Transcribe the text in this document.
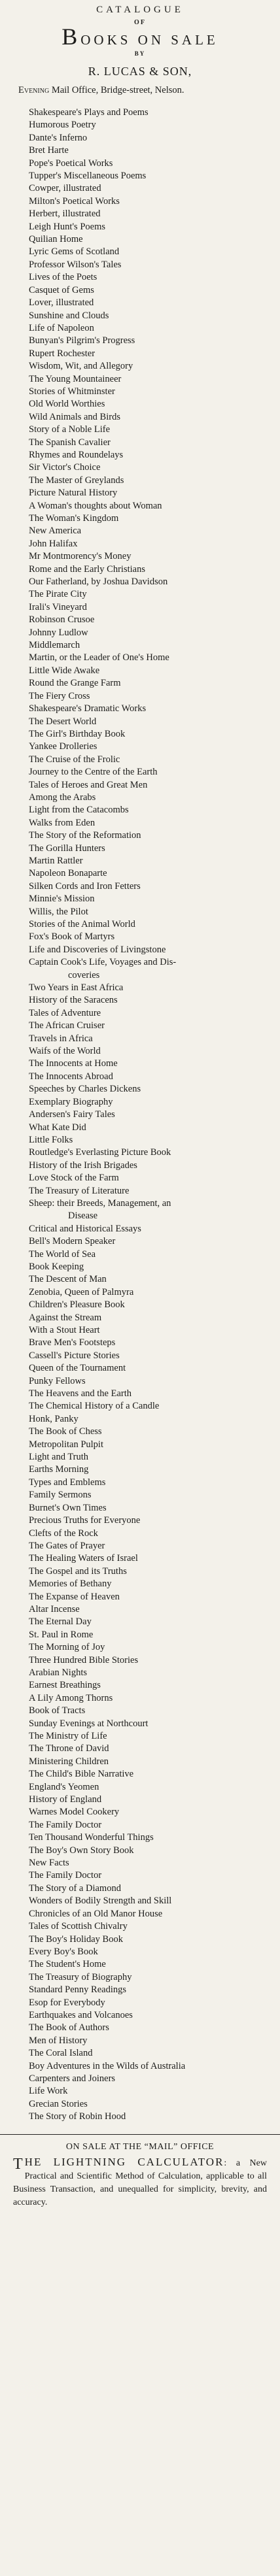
CATALOGUE
OF
BOOKS ON SALE
BY
R. LUCAS & SON,
Evening Mail Office, Bridge-street, Nelson.
Shakespeare's Plays and Poems
Humorous Poetry
Dante's Inferno
Bret Harte
Pope's Poetical Works
Tupper's Miscellaneous Poems
Cowper, illustrated
Milton's Poetical Works
Herbert, illustrated
Leigh Hunt's Poems
Quilian Home
Lyric Gems of Scotland
Professor Wilson's Tales
Lives of the Poets
Casquet of Gems
Lover, illustrated
Sunshine and Clouds
Life of Napoleon
Bunyan's Pilgrim's Progress
Rupert Rochester
Wisdom, Wit, and Allegory
The Young Mountaineer
Stories of Whitminster
Old World Worthies
Wild Animals and Birds
Story of a Noble Life
The Spanish Cavalier
Rhymes and Roundelays
Sir Victor's Choice
The Master of Greylands
Picture Natural History
A Woman's thoughts about Woman
The Woman's Kingdom
New America
John Halifax
Mr Montmorency's Money
Rome and the Early Christians
Our Fatherland, by Joshua Davidson
The Pirate City
Irali's Vineyard
Robinson Crusoe
Johnny Ludlow
Middlemarch
Martin, or the Leader of One's Home
Little Wide Awake
Round the Grange Farm
The Fiery Cross
Shakespeare's Dramatic Works
The Desert World
The Girl's Birthday Book
Yankee Drolleries
The Cruise of the Frolic
Journey to the Centre of the Earth
Tales of Heroes and Great Men
Among the Arabs
Light from the Catacombs
Walks from Eden
The Story of the Reformation
The Gorilla Hunters
Martin Rattler
Napoleon Bonaparte
Silken Cords and Iron Fetters
Minnie's Mission
Willis, the Pilot
Stories of the Animal World
Fox's Book of Martyrs
Life and Discoveries of Livingstone
Captain Cook's Life, Voyages and Dis-
coveries
Two Years in East Africa
History of the Saracens
Tales of Adventure
The African Cruiser
Travels in Africa
Waifs of the World
The Innocents at Home
The Innocents Abroad
Speeches by Charles Dickens
Exemplary Biography
Andersen's Fairy Tales
What Kate Did
Little Folks
Routledge's Everlasting Picture Book
History of the Irish Brigades
Love Stock of the Farm
The Treasury of Literature
Sheep: their Breeds, Management, an
Disease
Critical and Historical Essays
Bell's Modern Speaker
The World of Sea
Book Keeping
The Descent of Man
Zenobia, Queen of Palmyra
Children's Pleasure Book
Against the Stream
With a Stout Heart
Brave Men's Footsteps
Cassell's Picture Stories
Queen of the Tournament
Punky Fellows
The Heavens and the Earth
The Chemical History of a Candle
Honk, Panky
The Book of Chess
Metropolitan Pulpit
Light and Truth
Earths Morning
Types and Emblems
Family Sermons
Burnet's Own Times
Precious Truths for Everyone
Clefts of the Rock
The Gates of Prayer
The Healing Waters of Israel
The Gospel and its Truths
Memories of Bethany
The Expanse of Heaven
Altar Incense
The Eternal Day
St. Paul in Rome
The Morning of Joy
Three Hundred Bible Stories
Arabian Nights
Earnest Breathings
A Lily Among Thorns
Book of Tracts
Sunday Evenings at Northcourt
The Ministry of Life
The Throne of David
Ministering Children
The Child's Bible Narrative
England's Yeomen
History of England
Warnes Model Cookery
The Family Doctor
Ten Thousand Wonderful Things
The Boy's Own Story Book
New Facts
The Family Doctor
The Story of a Diamond
Wonders of Bodily Strength and Skill
Chronicles of an Old Manor House
Tales of Scottish Chivalry
The Boy's Holiday Book
Every Boy's Book
The Student's Home
The Treasury of Biography
Standard Penny Readings
Esop for Everybody
Earthquakes and Volcanoes
The Book of Authors
Men of History
The Coral Island
Boy Adventures in the Wilds of Australia
Carpenters and Joiners
Life Work
Grecian Stories
The Story of Robin Hood
ON SALE AT THE “MAIL” OFFICE
T HE LIGHTNING CALCULATOR: a New Practical and Scientific Method of Calculation, applicable to all Business Transaction, and unequalled for simplicity, brevity, and accuracy.
